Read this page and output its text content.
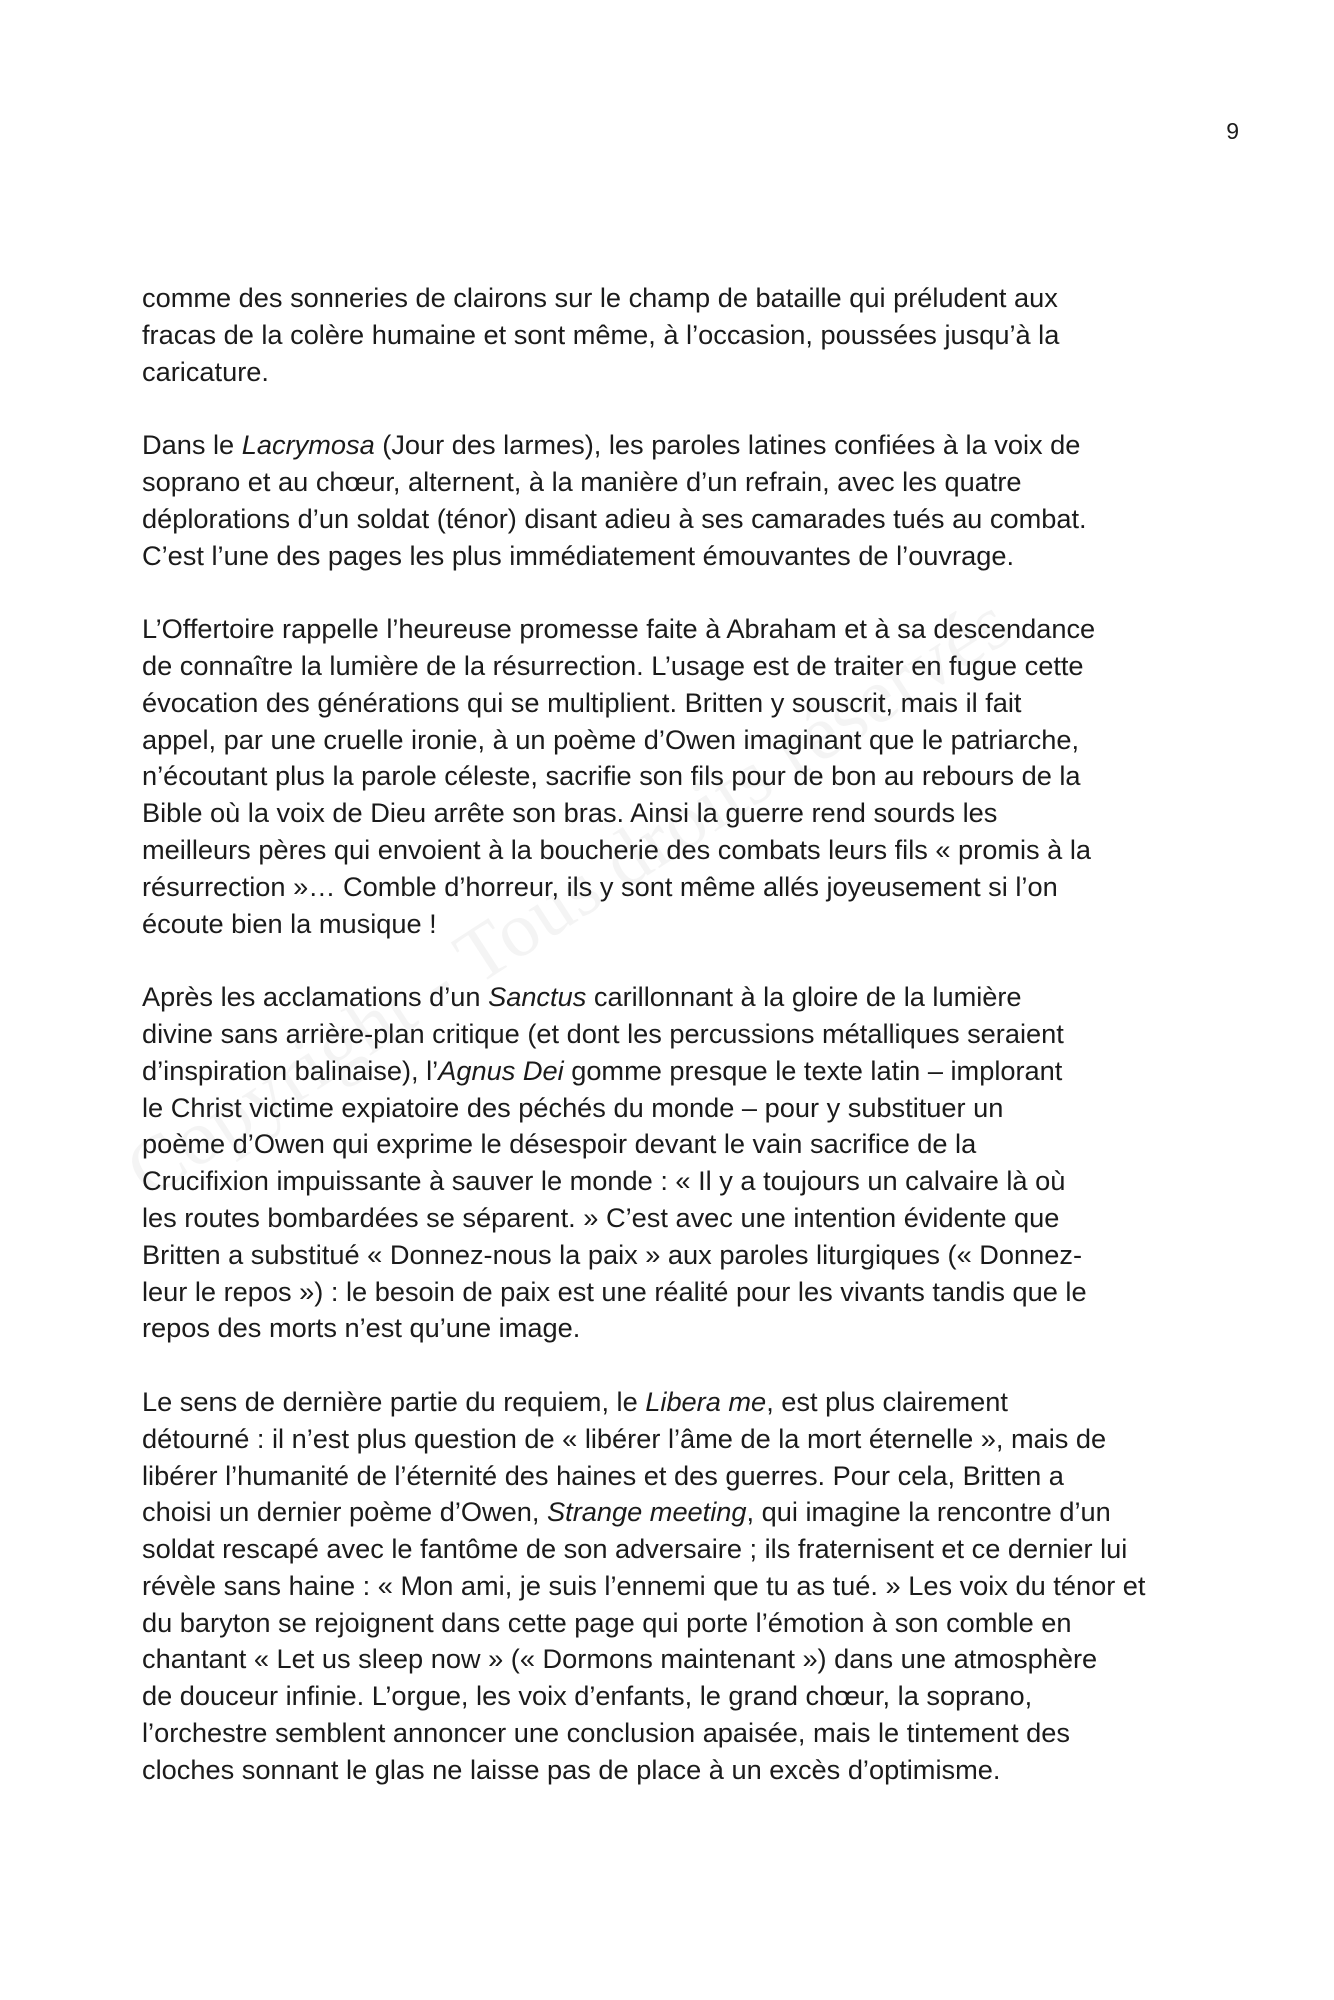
9

comme des sonneries de clairons sur le champ de bataille qui préludent aux
fracas de la colère humaine et sont même, à l’occasion, poussées jusqu’à la
caricature.

Dans le Lacrymosa (Jour des larmes), les paroles latines confiées à la voix de
soprano et au chœur, alternent, à la manière d’un refrain, avec les quatre
déplorations d’un soldat (ténor) disant adieu à ses camarades tués au combat.
C’est l’une des pages les plus immédiatement émouvantes de l’ouvrage.

L’Offertoire rappelle l’heureuse promesse faite à Abraham et à sa descendance
de connaître la lumière de la résurrection. L’usage est de traiter en fugue cette
évocation des générations qui se multiplient. Britten y souscrit, mais il fait
appel, par une cruelle ironie, à un poème d’Owen imaginant que le patriarche,
n’écoutant plus la parole céleste, sacrifie son fils pour de bon au rebours de la
Bible où la voix de Dieu arrête son bras. Ainsi la guerre rend sourds les
meilleurs pères qui envoient à la boucherie des combats leurs fils « promis à la
résurrection »… Comble d’horreur, ils y sont même allés joyeusement si l’on
écoute bien la musique !

Après les acclamations d’un Sanctus carillonnant à la gloire de la lumière
divine sans arrière-plan critique (et dont les percussions métalliques seraient
d’inspiration balinaise), l’Agnus Dei gomme presque le texte latin – implorant
le Christ victime expiatoire des péchés du monde – pour y substituer un
poème d’Owen qui exprime le désespoir devant le vain sacrifice de la
Crucifixion impuissante à sauver le monde : « Il y a toujours un calvaire là où
les routes bombardées se séparent. » C’est avec une intention évidente que
Britten a substitué « Donnez-nous la paix » aux paroles liturgiques (« Donnez-
leur le repos ») : le besoin de paix est une réalité pour les vivants tandis que le
repos des morts n’est qu’une image.

Le sens de dernière partie du requiem, le Libera me, est plus clairement
détourné : il n’est plus question de « libérer l’âme de la mort éternelle », mais de
libérer l’humanité de l’éternité des haines et des guerres. Pour cela, Britten a
choisi un dernier poème d’Owen, Strange meeting, qui imagine la rencontre d’un
soldat rescapé avec le fantôme de son adversaire ; ils fraternisent et ce dernier lui
révèle sans haine : « Mon ami, je suis l’ennemi que tu as tué. » Les voix du ténor et
du baryton se rejoignent dans cette page qui porte l’émotion à son comble en
chantant « Let us sleep now » (« Dormons maintenant ») dans une atmosphère
de douceur infinie. L’orgue, les voix d’enfants, le grand chœur, la soprano,
l’orchestre semblent annoncer une conclusion apaisée, mais le tintement des
cloches sonnant le glas ne laisse pas de place à un excès d’optimisme.
